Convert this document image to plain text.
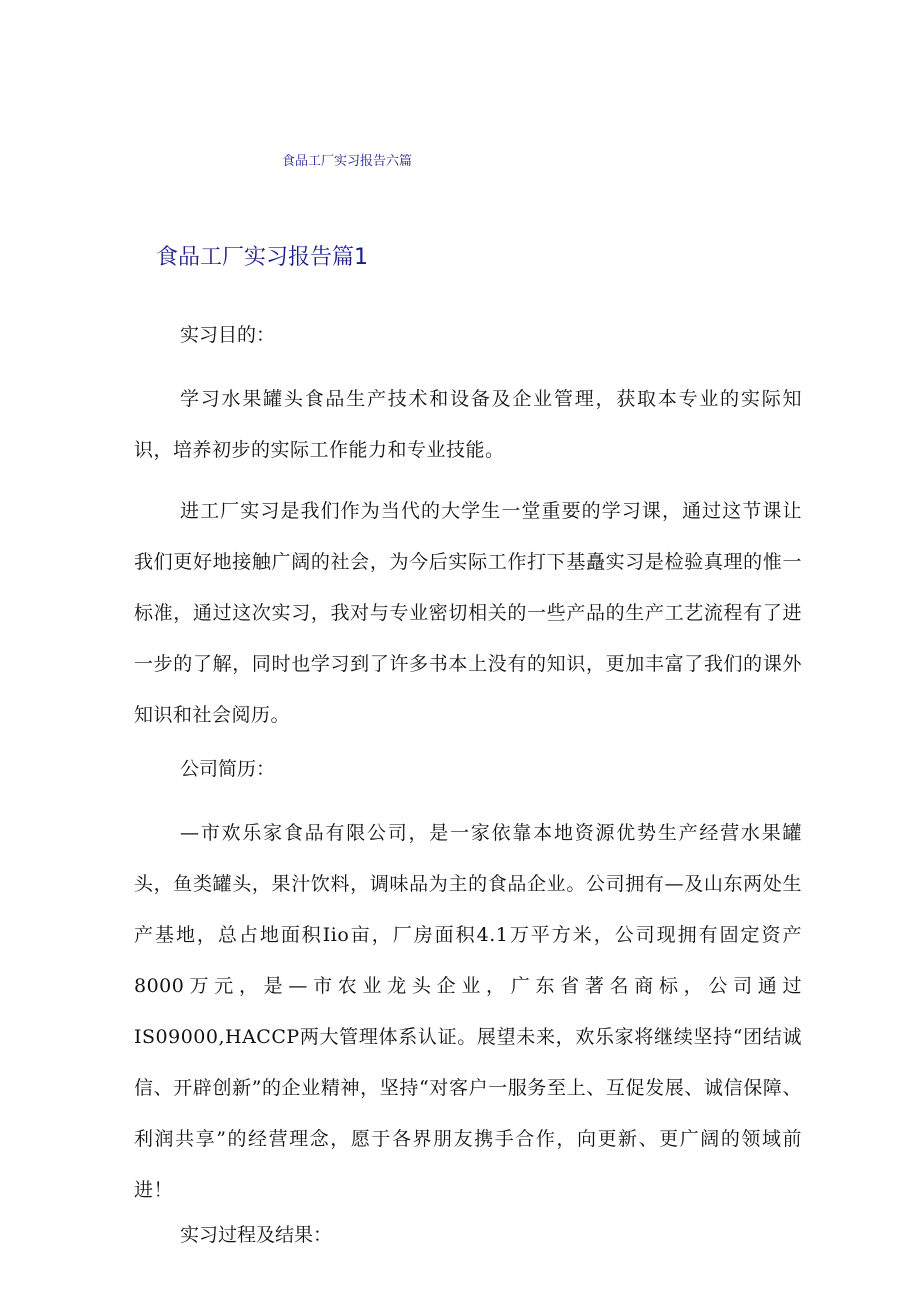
食品工厂实习报告六篇

食品工厂实习报告篇1

实习目的：

学习水果罐头食品生产技术和设备及企业管理，获取本专业的实际知识，培养初步的实际工作能力和专业技能。

进工厂实习是我们作为当代的大学生一堂重要的学习课，通过这节课让我们更好地接触广阔的社会，为今后实际工作打下基矗实习是检验真理的惟一标准，通过这次实习，我对与专业密切相关的一些产品的生产工艺流程有了进一步的了解，同时也学习到了许多书本上没有的知识，更加丰富了我们的课外知识和社会阅历。

公司简历：

—市欢乐家食品有限公司，是一家依靠本地资源优势生产经营水果罐头，鱼类罐头，果汁饮料，调味品为主的食品企业。公司拥有—及山东两处生产基地，总占地面积Iio亩，厂房面积4.1万平方米，公司现拥有固定资产8000万元，是—市农业龙头企业，广东省著名商标，公司通过IS09000,HACCP两大管理体系认证。展望未来，欢乐家将继续坚持“团结诚信、开辟创新”的企业精神，坚持“对客户一服务至上、互促发展、诚信保障、利润共享”的经营理念，愿于各界朋友携手合作，向更新、更广阔的领域前进！

实习过程及结果：
